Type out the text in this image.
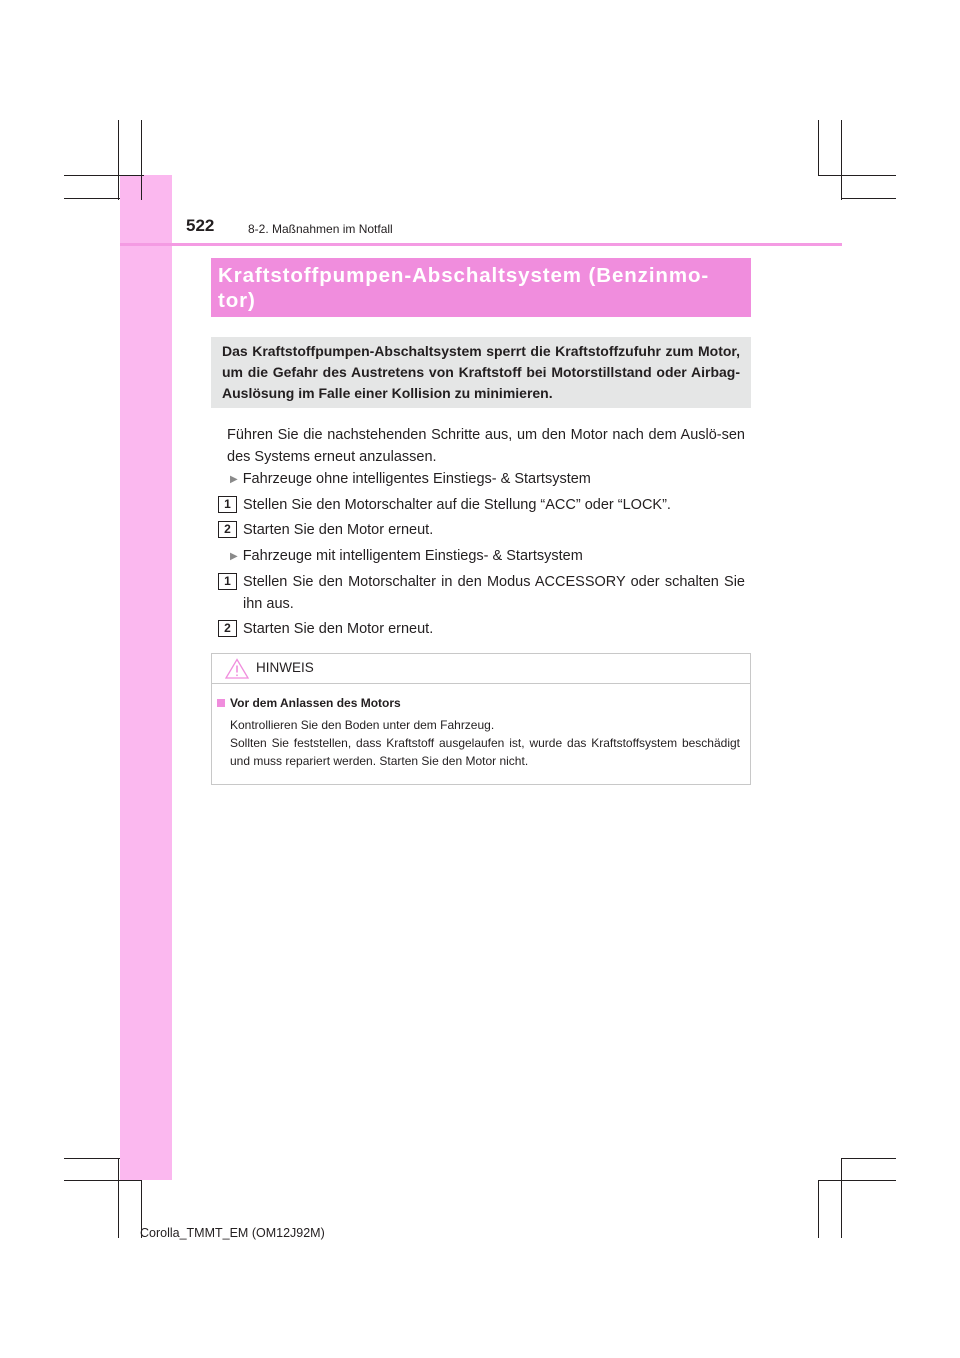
522	8-2. Maßnahmen im Notfall
Kraftstoffpumpen-Abschaltsystem (Benzinmo-
tor)
Das Kraftstoffpumpen-Abschaltsystem sperrt die Kraftstoffzufuhr zum Motor, um die Gefahr des Austretens von Kraftstoff bei Motorstillstand oder Airbag-Auslösung im Falle einer Kollision zu minimieren.
Führen Sie die nachstehenden Schritte aus, um den Motor nach dem Auslö-sen des Systems erneut anzulassen.
▶ Fahrzeuge ohne intelligentes Einstiegs- & Startsystem
1 Stellen Sie den Motorschalter auf die Stellung “ACC” oder “LOCK”.
2 Starten Sie den Motor erneut.
▶ Fahrzeuge mit intelligentem Einstiegs- & Startsystem
1 Stellen Sie den Motorschalter in den Modus ACCESSORY oder schalten Sie ihn aus.
2 Starten Sie den Motor erneut.
HINWEIS
Vor dem Anlassen des Motors
Kontrollieren Sie den Boden unter dem Fahrzeug.
Sollten Sie feststellen, dass Kraftstoff ausgelaufen ist, wurde das Kraftstoffsystem beschädigt und muss repariert werden. Starten Sie den Motor nicht.
Corolla_TMMT_EM (OM12J92M)
